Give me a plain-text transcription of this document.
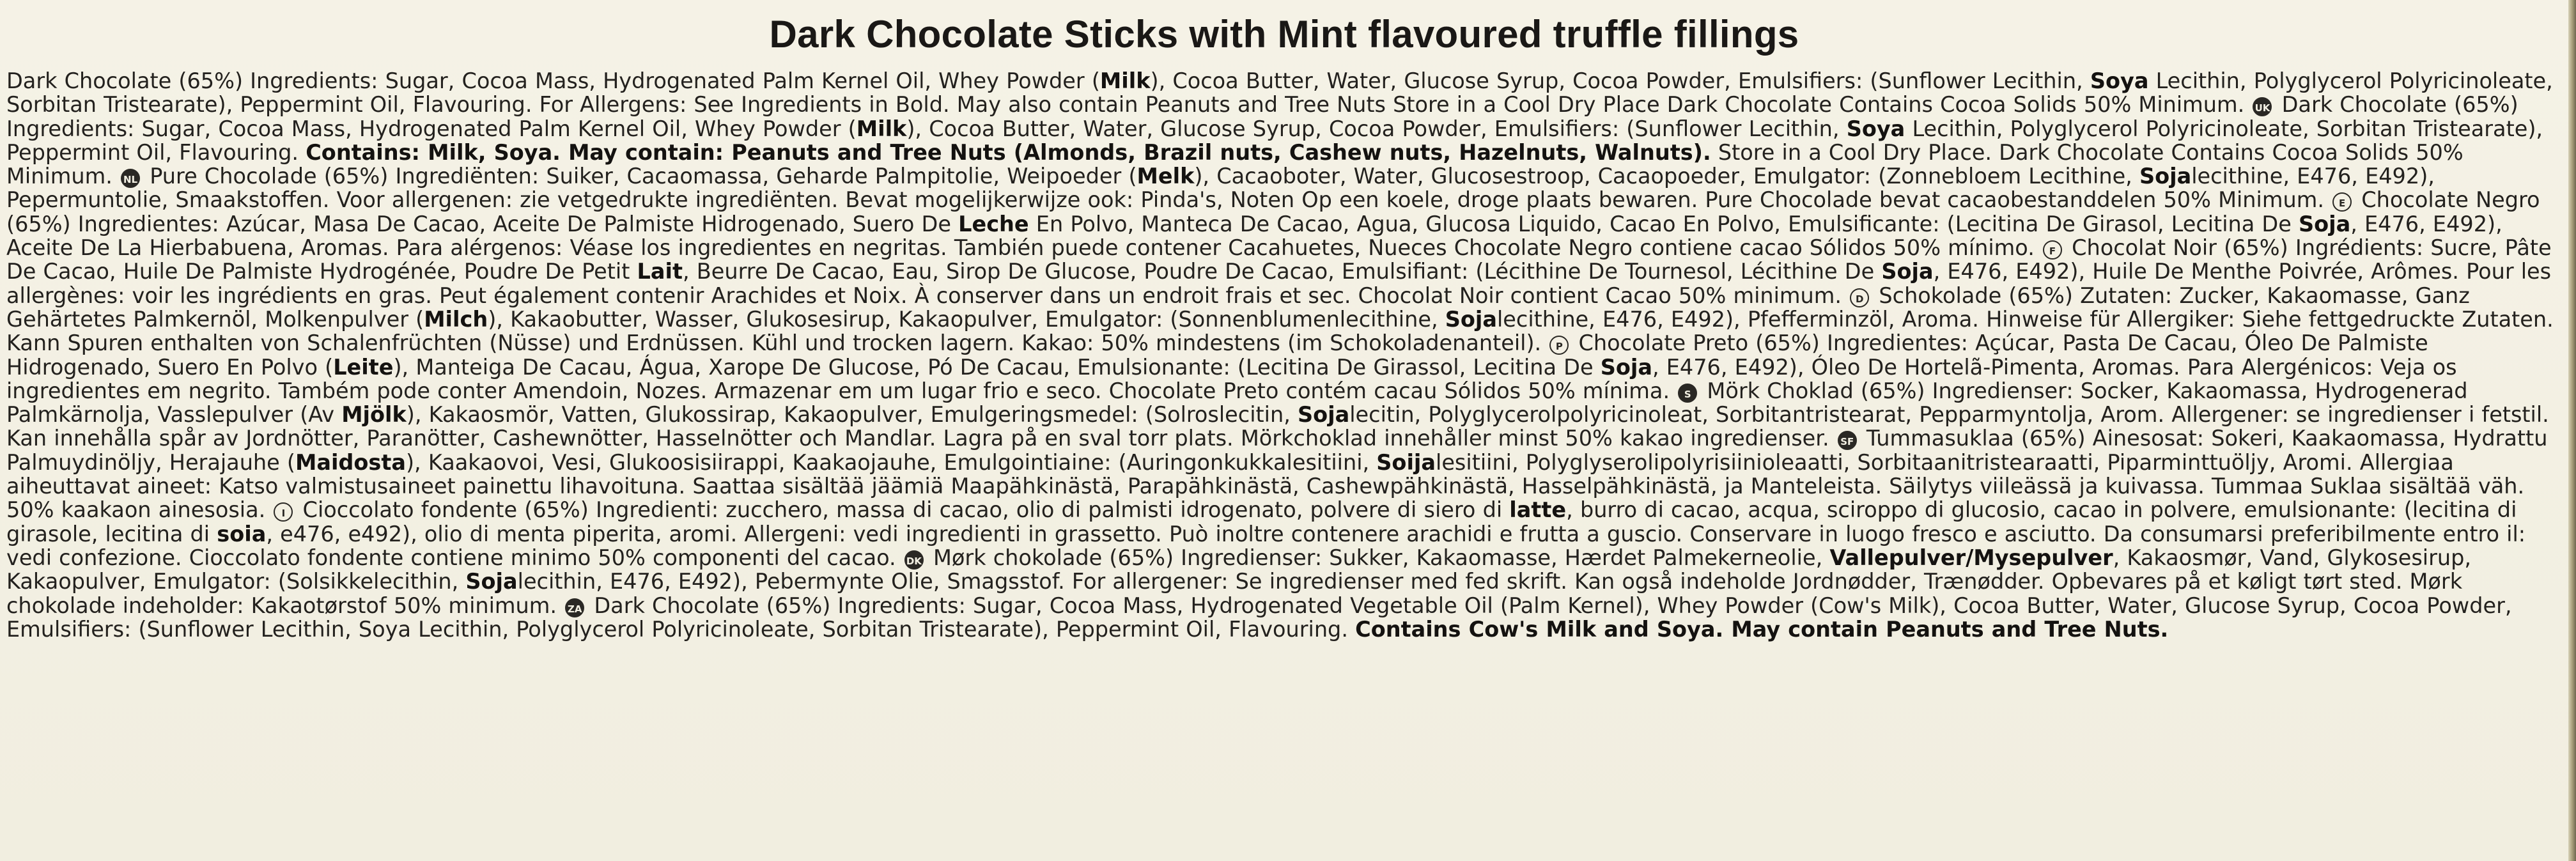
Dark Chocolate Sticks with Mint flavoured truffle fillings
Dark Chocolate (65%) Ingredients: Sugar, Cocoa Mass, Hydrogenated Palm Kernel Oil, Whey Powder (Milk), Cocoa Butter, Water, Glucose Syrup, Cocoa Powder, Emulsifiers: (Sunflower Lecithin, Soya Lecithin, Polyglycerol Polyricinoleate, Sorbitan Tristearate), Peppermint Oil, Flavouring. For Allergens: See Ingredients in Bold. May also contain Peanuts and Tree Nuts Store in a Cool Dry Place Dark Chocolate Contains Cocoa Solids 50% Minimum. UK Dark Chocolate (65%) Ingredients: Sugar, Cocoa Mass, Hydrogenated Palm Kernel Oil, Whey Powder (Milk), Cocoa Butter, Water, Glucose Syrup, Cocoa Powder, Emulsifiers: (Sunflower Lecithin, Soya Lecithin, Polyglycerol Polyricinoleate, Sorbitan Tristearate), Peppermint Oil, Flavouring. Contains: Milk, Soya. May contain: Peanuts and Tree Nuts (Almonds, Brazil nuts, Cashew nuts, Hazelnuts, Walnuts). Store in a Cool Dry Place. Dark Chocolate Contains Cocoa Solids 50% Minimum. NL Pure Chocolade (65%) Ingrediënten: Suiker, Cacaomassa, Geharde Palmpitolie, Weipoeder (Melk), Cacaoboter, Water, Glucosestroop, Cacaopoeder, Emulgator: (Zonnebloem Lecithine, Sojalecithine, E476, E492), Pepermuntolie, Smaakstoffen. Voor allergenen: zie vetgedrukte ingrediënten. Bevat mogelijkerwijze ook: Pinda's, Noten Op een koele, droge plaats bewaren. Pure Chocolade bevat cacaobestanddelen 50% Minimum. E Chocolate Negro (65%) Ingredientes: Azúcar, Masa De Cacao, Aceite De Palmiste Hidrogenado, Suero De Leche En Polvo, Manteca De Cacao, Agua, Glucosa Liquido, Cacao En Polvo, Emulsificante: (Lecitina De Girasol, Lecitina De Soja, E476, E492), Aceite De La Hierbabuena, Aromas. Para alérgenos: Véase los ingredientes en negritas. También puede contener Cacahuetes, Nueces Chocolate Negro contiene cacao Sólidos 50% mínimo. F Chocolat Noir (65%) Ingrédients: Sucre, Pâte De Cacao, Huile De Palmiste Hydrogénée, Poudre De Petit Lait, Beurre De Cacao, Eau, Sirop De Glucose, Poudre De Cacao, Emulsifiant: (Lécithine De Tournesol, Lécithine De Soja, E476, E492), Huile De Menthe Poivrée, Arômes. Pour les allergènes: voir les ingrédients en gras. Peut également contenir Arachides et Noix. À conserver dans un endroit frais et sec. Chocolat Noir contient Cacao 50% minimum. D Schokolade (65%) Zutaten: Zucker, Kakaomasse, Ganz Gehärtetes Palmkernöl, Molkenpulver (Milch), Kakaobutter, Wasser, Glukosesirup, Kakaopulver, Emulgator: (Sonnenblumenlecithine, Sojalecithine, E476, E492), Pfefferminzöl, Aroma. Hinweise für Allergiker: Siehe fettgedruckte Zutaten. Kann Spuren enthalten von Schalenfrüchten (Nüsse) und Erdnüssen. Kühl und trocken lagern. Kakao: 50% mindestens (im Schokoladenanteil). P Chocolate Preto (65%) Ingredientes: Açúcar, Pasta De Cacau, Óleo De Palmiste Hidrogenado, Suero En Polvo (Leite), Manteiga De Cacau, Água, Xarope De Glucose, Pó De Cacau, Emulsionante: (Lecitina De Girassol, Lecitina De Soja, E476, E492), Óleo De Hortelã-Pimenta, Aromas. Para Alergénicos: Veja os ingredientes em negrito. Também pode conter Amendoin, Nozes. Armazenar em um lugar frio e seco. Chocolate Preto contém cacau Sólidos 50% mínima. S Mörk Choklad (65%) Ingredienser: Socker, Kakaomassa, Hydrogenerad Palmkärnolja, Vasslepulver (Av Mjölk), Kakaosmör, Vatten, Glukossirap, Kakaopulver, Emulgeringsmedel: (Solroslecitin, Sojalecitin, Polyglycerolpolyricinoleat, Sorbitantristearat, Pepparmyntolja, Arom. Allergener: se ingredienser i fetstil. Kan innehålla spår av Jordnötter, Paranötter, Cashewnötter, Hasselnötter och Mandlar. Lagra på en sval torr plats. Mörkchoklad innehåller minst 50% kakao ingredienser. SF Tummasuklaa (65%) Ainesosat: Sokeri, Kaakaomassa, Hydrattu Palmuydinöljy, Herajauhe (Maidosta), Kaakaovoi, Vesi, Glukoosisiirappi, Kaakaojauhe, Emulgointiaine: (Auringonkukkalesitiini, Soijalesitiini, Polyglyserolipolyrisiinioleaatti, Sorbitaanitristearaatti, Piparminttuöljy, Aromi. Allergiaa aiheuttavat aineet: Katso valmistusaineet painettu lihavoituna. Saattaa sisältää jäämiä Maapähkinästä, Parapähkinästä, Cashewpähkinästä, Hasselpähkinästä, ja Manteleista. Säilytys viileässä ja kuivassa. Tummaa Suklaa sisältää väh. 50% kaakaon ainesosia. I Cioccolato fondente (65%) Ingredienti: zucchero, massa di cacao, olio di palmisti idrogenato, polvere di siero di latte, burro di cacao, acqua, sciroppo di glucosio, cacao in polvere, emulsionante: (lecitina di girasole, lecitina di soia, e476, e492), olio di menta piperita, aromi. Allergeni: vedi ingredienti in grassetto. Può inoltre contenere arachidi e frutta a guscio. Conservare in luogo fresco e asciutto. Da consumarsi preferibilmente entro il: vedi confezione. Cioccolato fondente contiene minimo 50% componenti del cacao. DK Mørk chokolade (65%) Ingredienser: Sukker, Kakaomasse, Hærdet Palmekerneolie, Vallepulver/Mysepulver, Kakaosmør, Vand, Glykosesirup, Kakaopulver, Emulgator: (Solsikkelecithin, Sojalecithin, E476, E492), Pebermynte Olie, Smagsstof. For allergener: Se ingredienser med fed skrift. Kan også indeholde Jordnødder, Trænødder. Opbevares på et køligt tørt sted. Mørk chokolade indeholder: Kakaotørstof 50% minimum. ZA Dark Chocolate (65%) Ingredients: Sugar, Cocoa Mass, Hydrogenated Vegetable Oil (Palm Kernel), Whey Powder (Cow's Milk), Cocoa Butter, Water, Glucose Syrup, Cocoa Powder, Emulsifiers: (Sunflower Lecithin, Soya Lecithin, Polyglycerol Polyricinoleate, Sorbitan Tristearate), Peppermint Oil, Flavouring. Contains Cow's Milk and Soya. May contain Peanuts and Tree Nuts.
